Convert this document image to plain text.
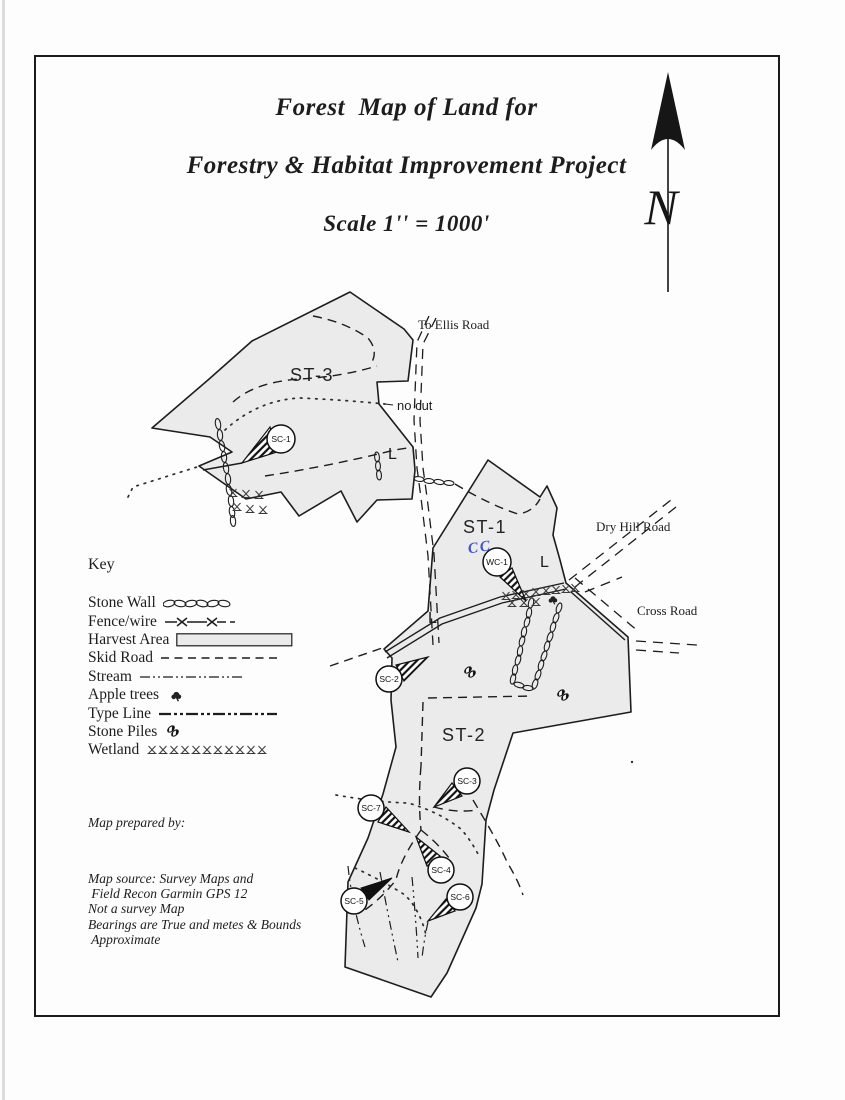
Forest  Map of Land for
Forestry & Habitat Improvement Project
Scale 1'' = 1000'
SC-1
WC-1
SC-2
SC-3
SC-7
SC-4
SC-5	SC-6
ST-3
ST-1
ST-2
To Ellis Road
Dry Hill Road
Cross Road
no cut
L
L
L
CC
N
Key
Stone Wall
Fence/wire
Harvest Area
Skid Road
Stream
Apple trees
Type Line
Stone Piles
Wetland
Map prepared by:
Map source: Survey Maps and
Field Recon Garmin GPS 12
Not a survey Map
Bearings are True and metes & Bounds
Approximate
